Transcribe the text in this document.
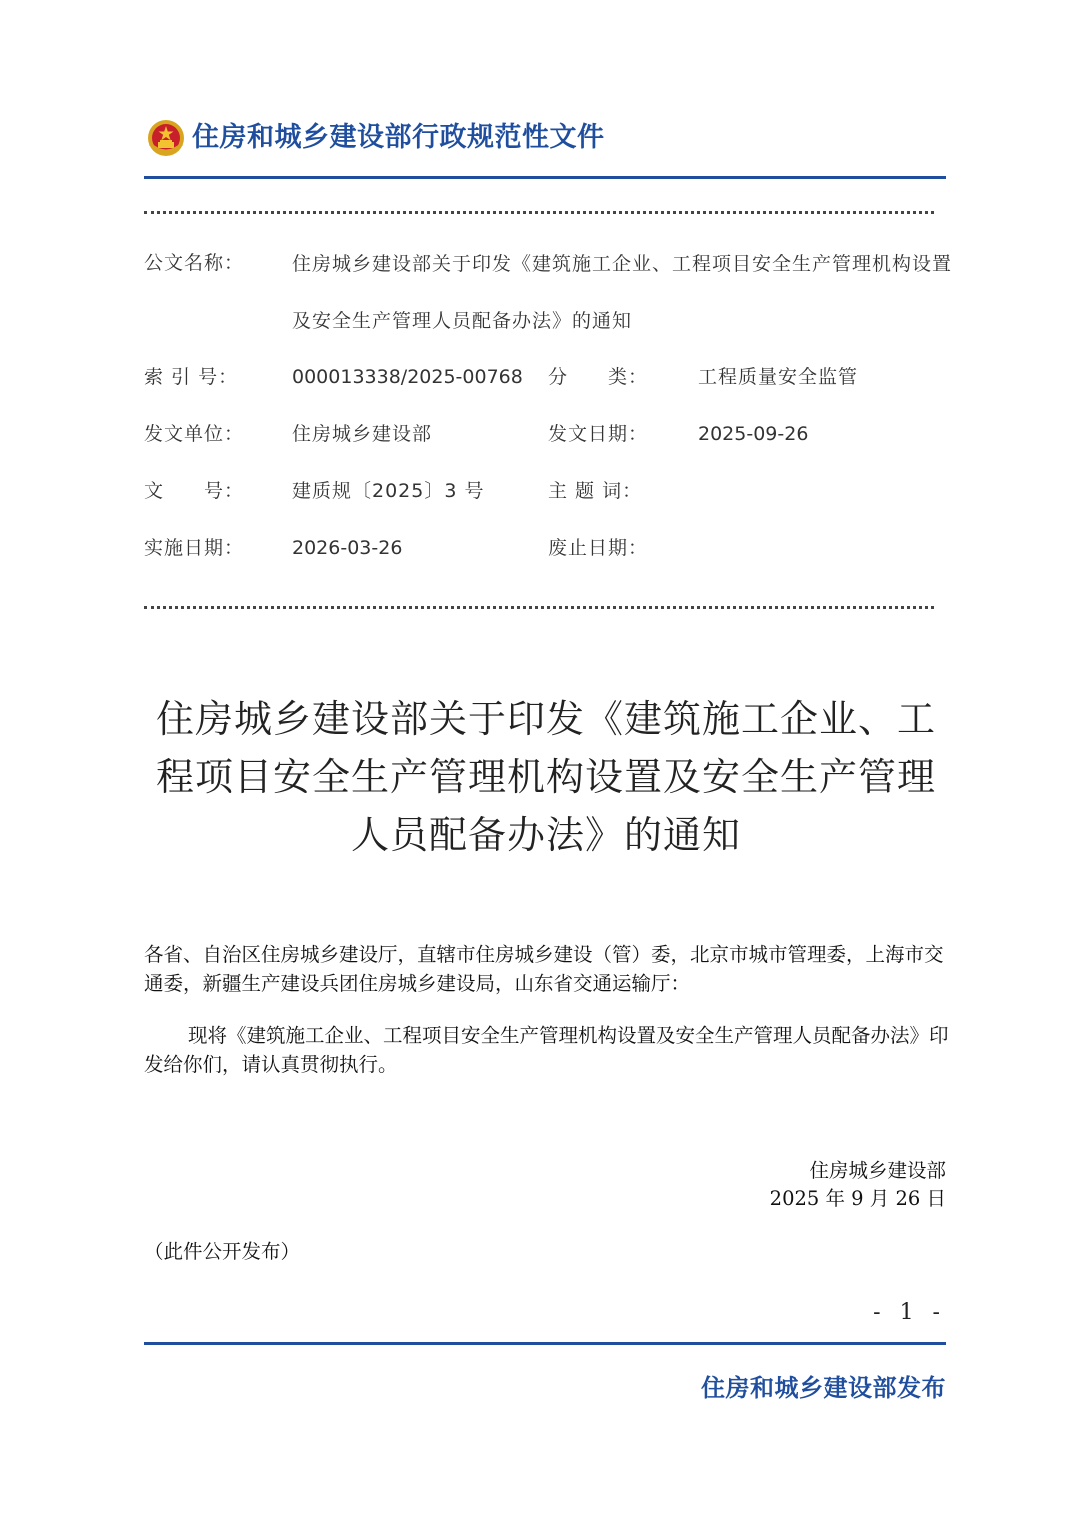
住房和城乡建设部行政规范性文件
公文名称：	住房城乡建设部关于印发《建筑施工企业、工程项目安全生产管理机构设置及安全生产管理人员配备办法》的通知
索 引 号：	000013338/2025-00768 分　　类：	工程质量安全监管
发文单位：	住房城乡建设部	发文日期：	2025-09-26
文　　号：	建质规〔2025〕3 号	主 题 词：
实施日期：	2026-03-26	废止日期：
住房城乡建设部关于印发《建筑施工企业、工程项目安全生产管理机构设置及安全生产管理人员配备办法》的通知
各省、自治区住房城乡建设厅，直辖市住房城乡建设（管）委，北京市城市管理委，上海市交通委，新疆生产建设兵团住房城乡建设局，山东省交通运输厅：
现将《建筑施工企业、工程项目安全生产管理机构设置及安全生产管理人员配备办法》印发给你们，请认真贯彻执行。
住房城乡建设部
2025 年 9 月 26 日
（此件公开发布）
- 1 -
住房和城乡建设部发布
